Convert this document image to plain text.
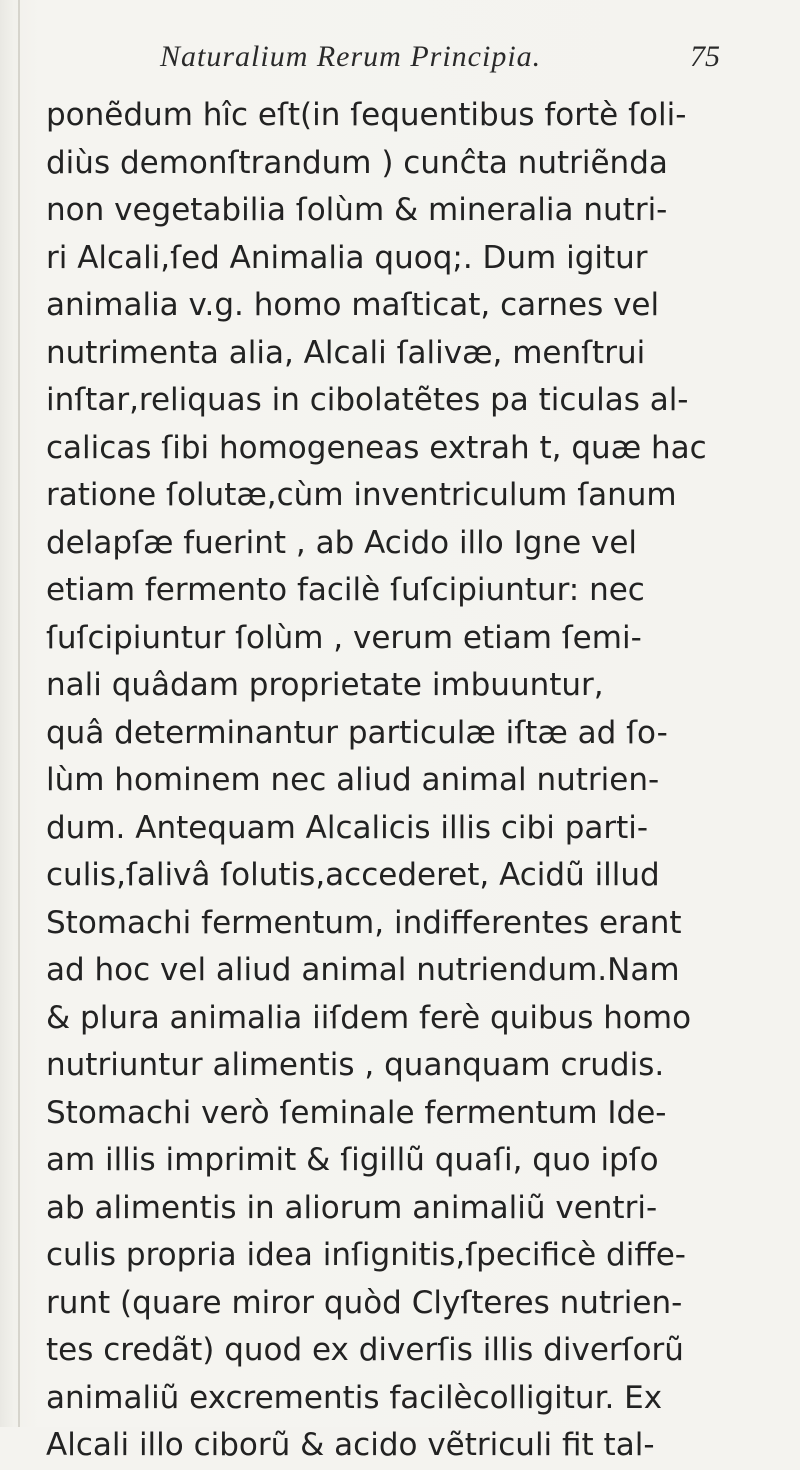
Naturalium Rerum Principia.	75
ponẽdum hîc eſt(in ſequentibus fortè ſoli-
diùs demonſtrandum ) cunĉta nutriẽnda
non vegetabilia ſolùm & mineralia nutri-
ri Alcali,ſed Animalia quoq;. Dum igitur
animalia v.g. homo maſticat, carnes vel
nutrimenta alia, Alcali ſalivæ, menſtrui
inſtar,reliquas in cibolatẽtes pa ticulas al-
calicas ſibi homogeneas extrah t, quæ hac
ratione ſolutæ,cùm inventriculum ſanum
delapſæ fuerint , ab Acido illo Igne vel
etiam fermento facilè ſuſcipiuntur: nec
ſuſcipiuntur ſolùm , verum etiam ſemi-
nali quâdam proprietate imbuuntur,
quâ determinantur particulæ iſtæ ad ſo-
lùm hominem nec aliud animal nutrien-
dum. Antequam Alcalicis illis cibi parti-
culis,ſalivâ ſolutis,accederet, Acidũ illud
Stomachi fermentum, indifferentes erant
ad hoc vel aliud animal nutriendum.Nam
& plura animalia iiſdem ferè quibus homo
nutriuntur alimentis , quanquam crudis.
Stomachi verò ſeminale fermentum Ide-
am illis imprimit & ſigillũ quaſi, quo ipſo
ab alimentis in aliorum animaliũ ventri-
culis propria idea inſignitis,ſpecificè diffe-
runt (quare miror quòd Clyſteres nutrien-
tes credãt) quod ex diverſis illis diverſorũ
animaliũ excrementis facilècolligitur. Ex
Alcali illo ciborũ & acido vẽtriculi fit tal-
